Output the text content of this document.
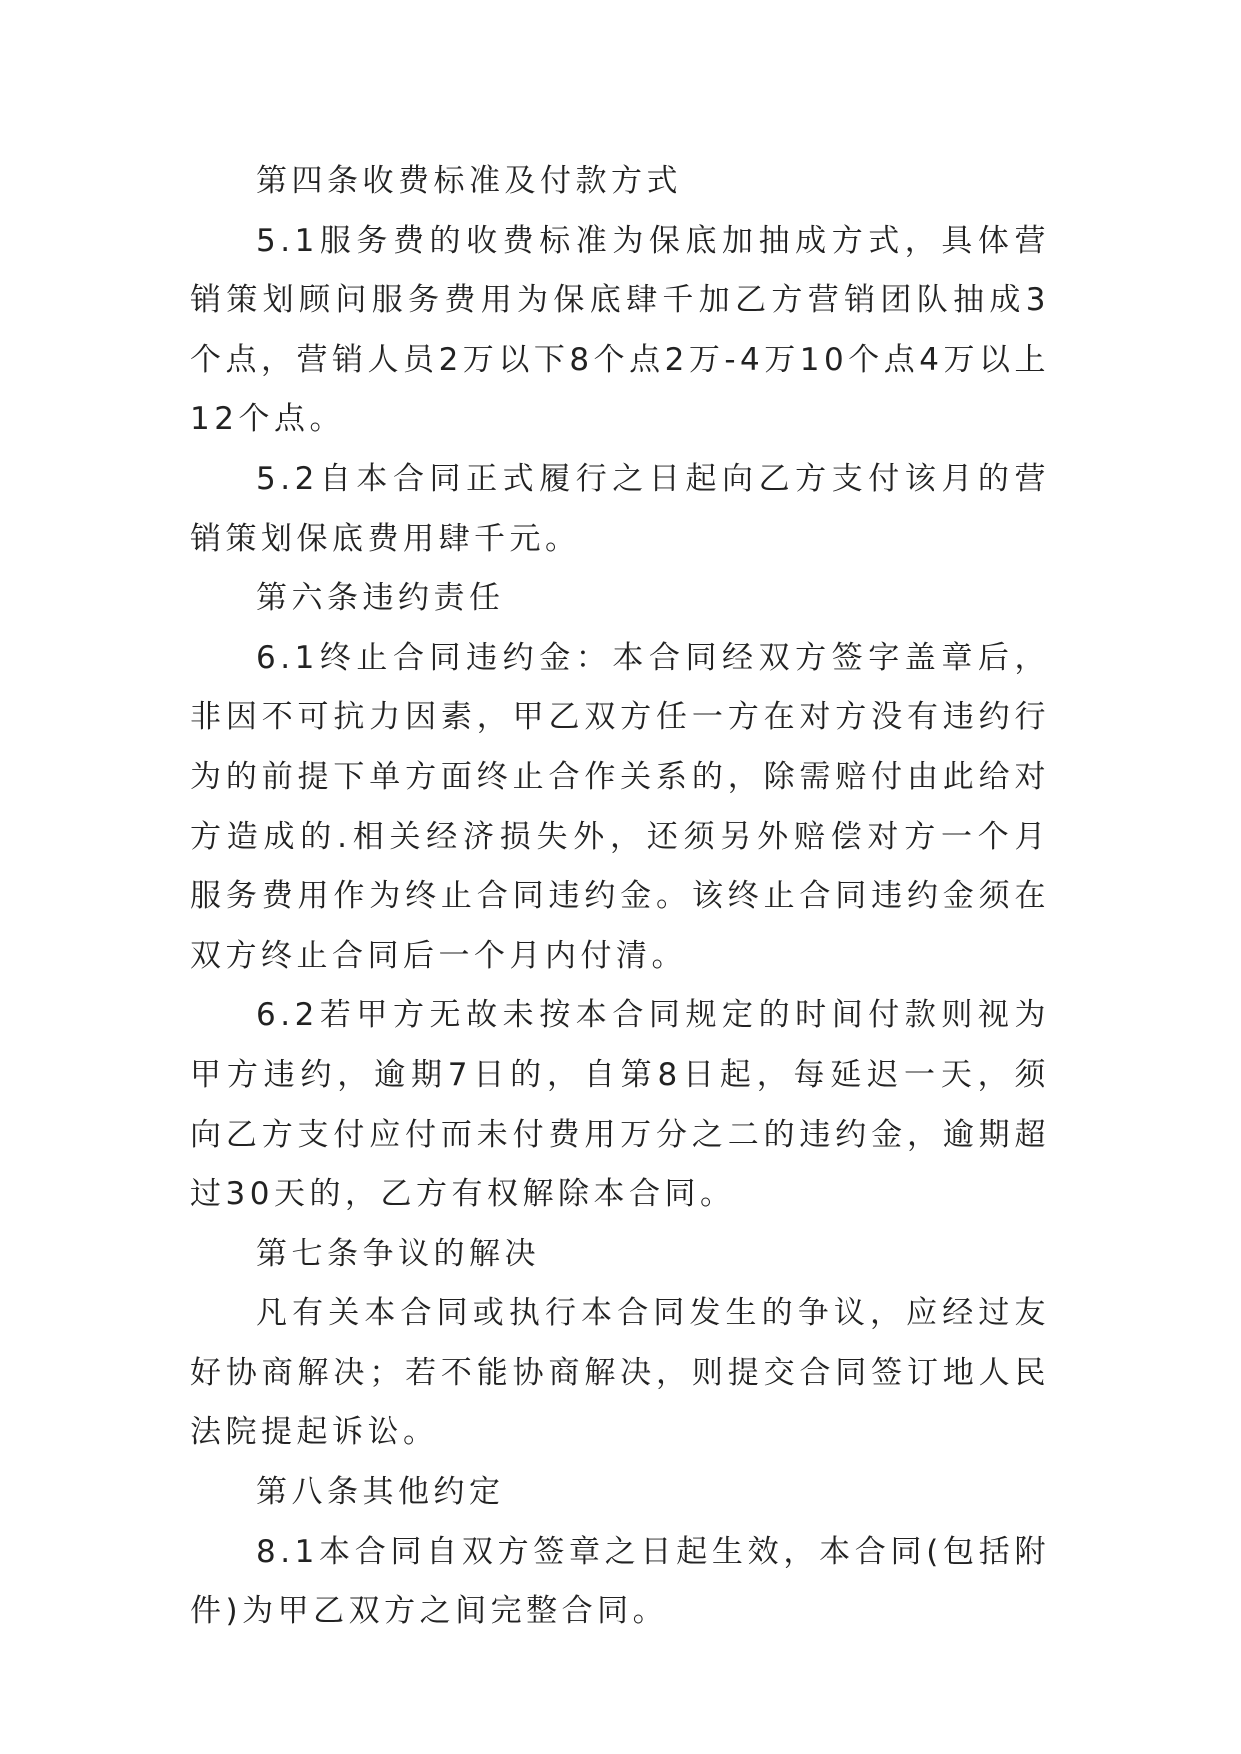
第四条收费标准及付款方式

5.1服务费的收费标准为保底加抽成方式，具体营销策划顾问服务费用为保底肆千加乙方营销团队抽成3个点，营销人员2万以下8个点2万-4万10个点4万以上12个点。

5.2自本合同正式履行之日起向乙方支付该月的营销策划保底费用肆千元。

第六条违约责任

6.1终止合同违约金：本合同经双方签字盖章后，非因不可抗力因素，甲乙双方任一方在对方没有违约行为的前提下单方面终止合作关系的，除需赔付由此给对方造成的.相关经济损失外，还须另外赔偿对方一个月服务费用作为终止合同违约金。该终止合同违约金须在双方终止合同后一个月内付清。

6.2若甲方无故未按本合同规定的时间付款则视为甲方违约，逾期7日的，自第8日起，每延迟一天，须向乙方支付应付而未付费用万分之二的违约金，逾期超过30天的，乙方有权解除本合同。

第七条争议的解决

凡有关本合同或执行本合同发生的争议，应经过友好协商解决；若不能协商解决，则提交合同签订地人民法院提起诉讼。

第八条其他约定

8.1本合同自双方签章之日起生效，本合同(包括附件)为甲乙双方之间完整合同。
